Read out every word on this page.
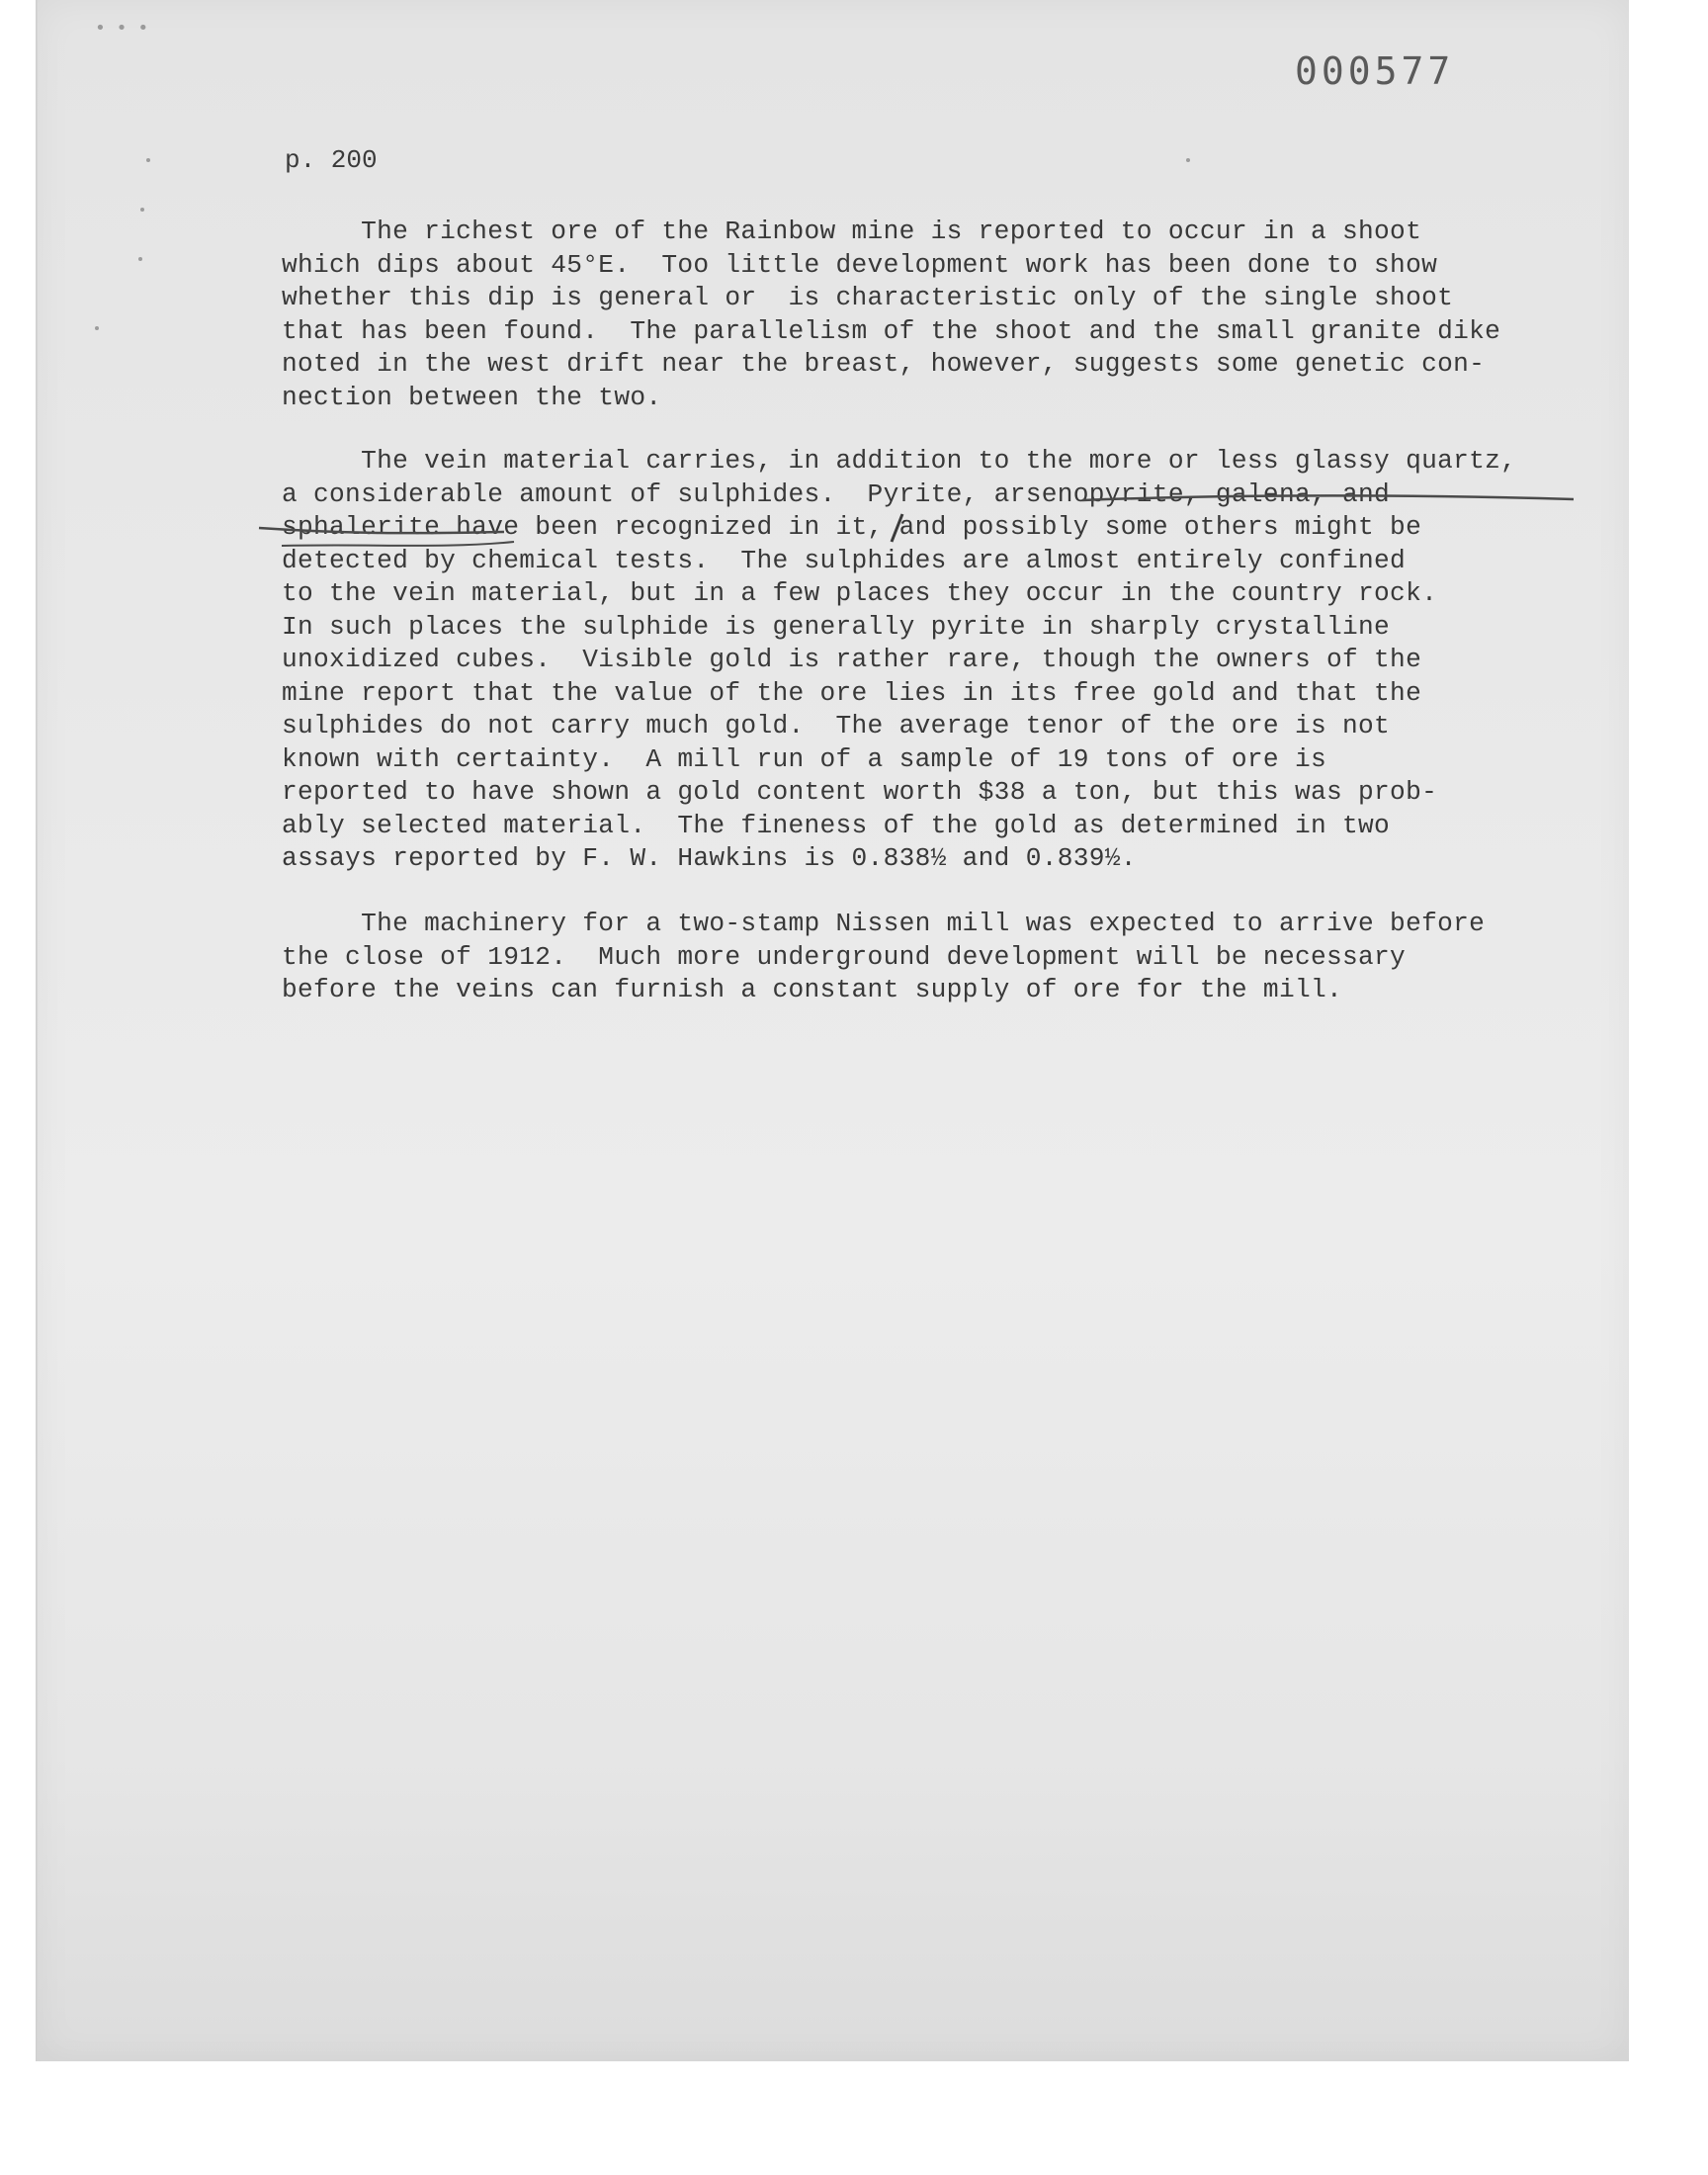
• • •
000577
p. 200
The richest ore of the Rainbow mine is reported to occur in a shoot
which dips about 45°E.  Too little development work has been done to show
whether this dip is general or  is characteristic only of the single shoot
that has been found.  The parallelism of the shoot and the small granite dike
noted in the west drift near the breast, however, suggests some genetic con-
nection between the two.
The vein material carries, in addition to the more or less glassy quartz,
a considerable amount of sulphides.  Pyrite, arsenopyrite, galena, and
sphalerite have been recognized in it, and possibly some others might be
detected by chemical tests.  The sulphides are almost entirely confined
to the vein material, but in a few places they occur in the country rock.
In such places the sulphide is generally pyrite in sharply crystalline
unoxidized cubes.  Visible gold is rather rare, though the owners of the
mine report that the value of the ore lies in its free gold and that the
sulphides do not carry much gold.  The average tenor of the ore is not
known with certainty.  A mill run of a sample of 19 tons of ore is
reported to have shown a gold content worth $38 a ton, but this was prob-
ably selected material.  The fineness of the gold as determined in two
assays reported by F. W. Hawkins is 0.838½ and 0.839½.
The machinery for a two-stamp Nissen mill was expected to arrive before
the close of 1912.  Much more underground development will be necessary
before the veins can furnish a constant supply of ore for the mill.
